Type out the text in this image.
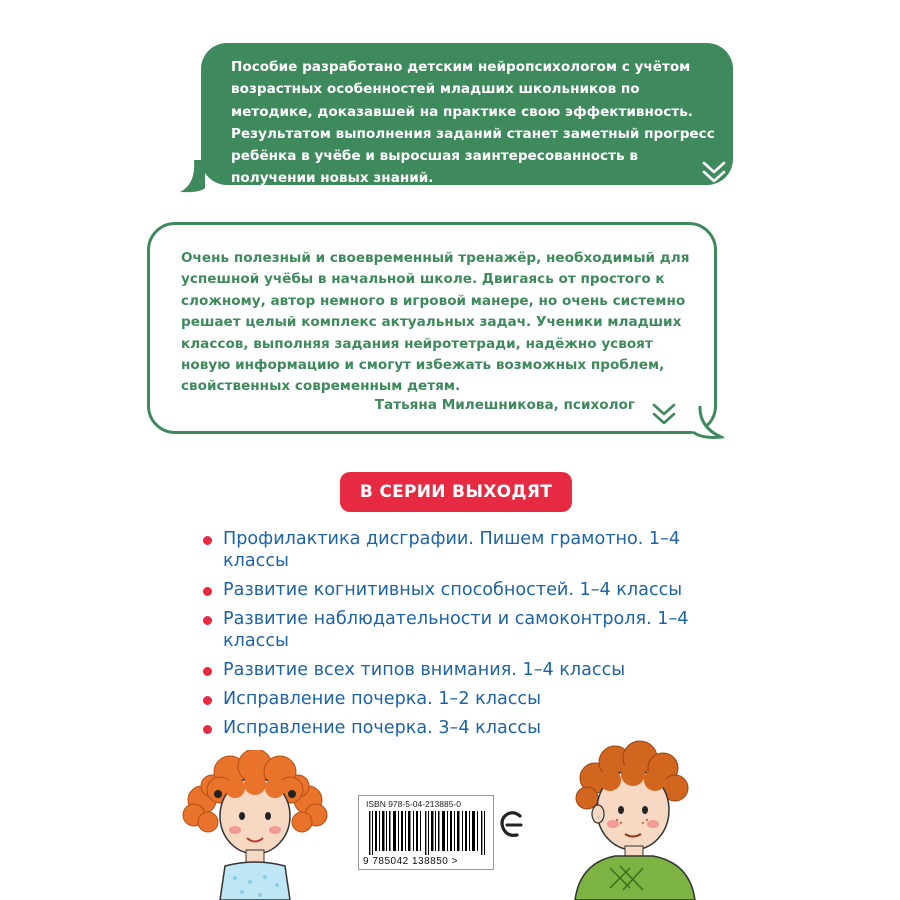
Пособие разработано детским нейропсихологом с учётом возрастных особенностей младших школьников по методике, доказавшей на практике свою эффективность. Результатом выполнения заданий станет заметный прогресс ребёнка в учёбе и выросшая заинтересованность в получении новых знаний.
Очень полезный и своевременный тренажёр, необходимый для успешной учёбы в начальной школе. Двигаясь от простого к сложному, автор немного в игровой манере, но очень системно решает целый комплекс актуальных задач. Ученики младших классов, выполняя задания нейротетради, надёжно усвоят новую информацию и смогут избежать возможных проблем, свойственных современным детям.
Татьяна Милешникова, психолог
В СЕРИИ ВЫХОДЯТ
Профилактика дисграфии. Пишем грамотно. 1–4 классы
Развитие когнитивных способностей. 1–4 классы
Развитие наблюдательности и самоконтроля. 1–4 классы
Развитие всех типов внимания. 1–4 классы
Исправление почерка. 1–2 классы
Исправление почерка. 3–4 классы
ISBN 978-5-04-213885-0
9 785042 138850 >
